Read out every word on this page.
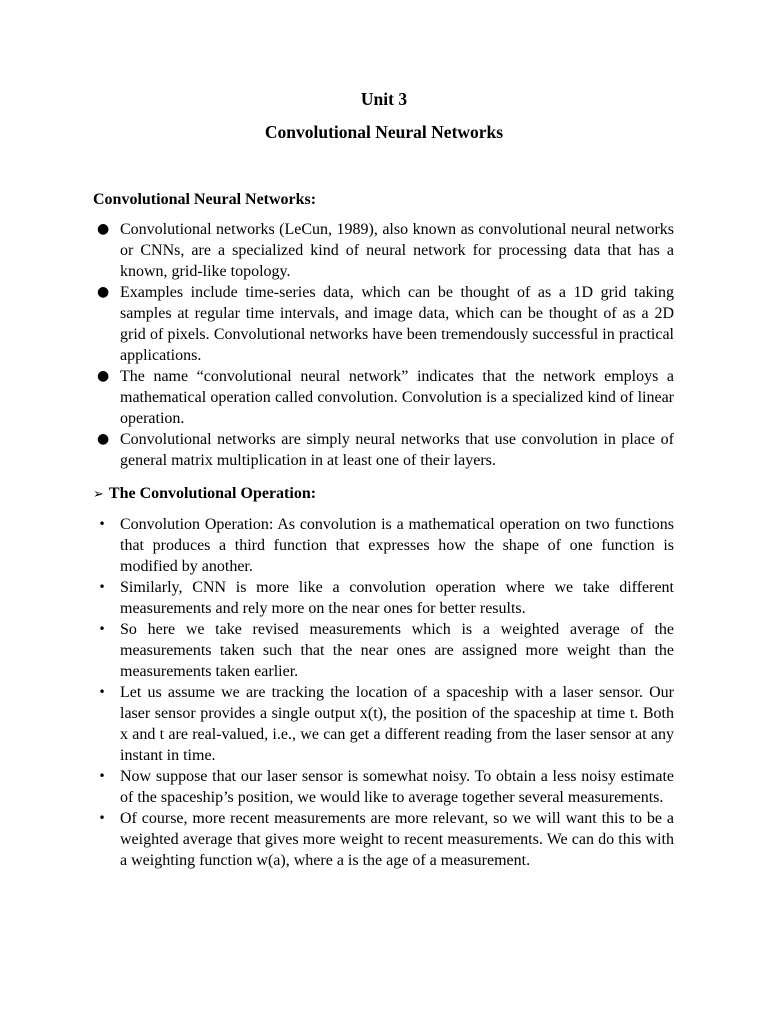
Unit 3
Convolutional Neural Networks
Convolutional Neural Networks:
● Convolutional networks (LeCun, 1989), also known as convolutional neural networks or CNNs, are a specialized kind of neural network for processing data that has a known, grid-like topology.
● Examples include time-series data, which can be thought of as a 1D grid taking samples at regular time intervals, and image data, which can be thought of as a 2D grid of pixels. Convolutional networks have been tremendously successful in practical applications.
● The name “convolutional neural network” indicates that the network employs a mathematical operation called convolution. Convolution is a specialized kind of linear operation.
● Convolutional networks are simply neural networks that use convolution in place of general matrix multiplication in at least one of their layers.
➢ The Convolutional Operation:
• Convolution Operation: As convolution is a mathematical operation on two functions that produces a third function that expresses how the shape of one function is modified by another.
• Similarly, CNN is more like a convolution operation where we take different measurements and rely more on the near ones for better results.
• So here we take revised measurements which is a weighted average of the measurements taken such that the near ones are assigned more weight than the measurements taken earlier.
• Let us assume we are tracking the location of a spaceship with a laser sensor. Our laser sensor provides a single output x(t), the position of the spaceship at time t. Both x and t are real-valued, i.e., we can get a different reading from the laser sensor at any instant in time.
• Now suppose that our laser sensor is somewhat noisy. To obtain a less noisy estimate of the spaceship’s position, we would like to average together several measurements.
• Of course, more recent measurements are more relevant, so we will want this to be a weighted average that gives more weight to recent measurements. We can do this with a weighting function w(a), where a is the age of a measurement.
